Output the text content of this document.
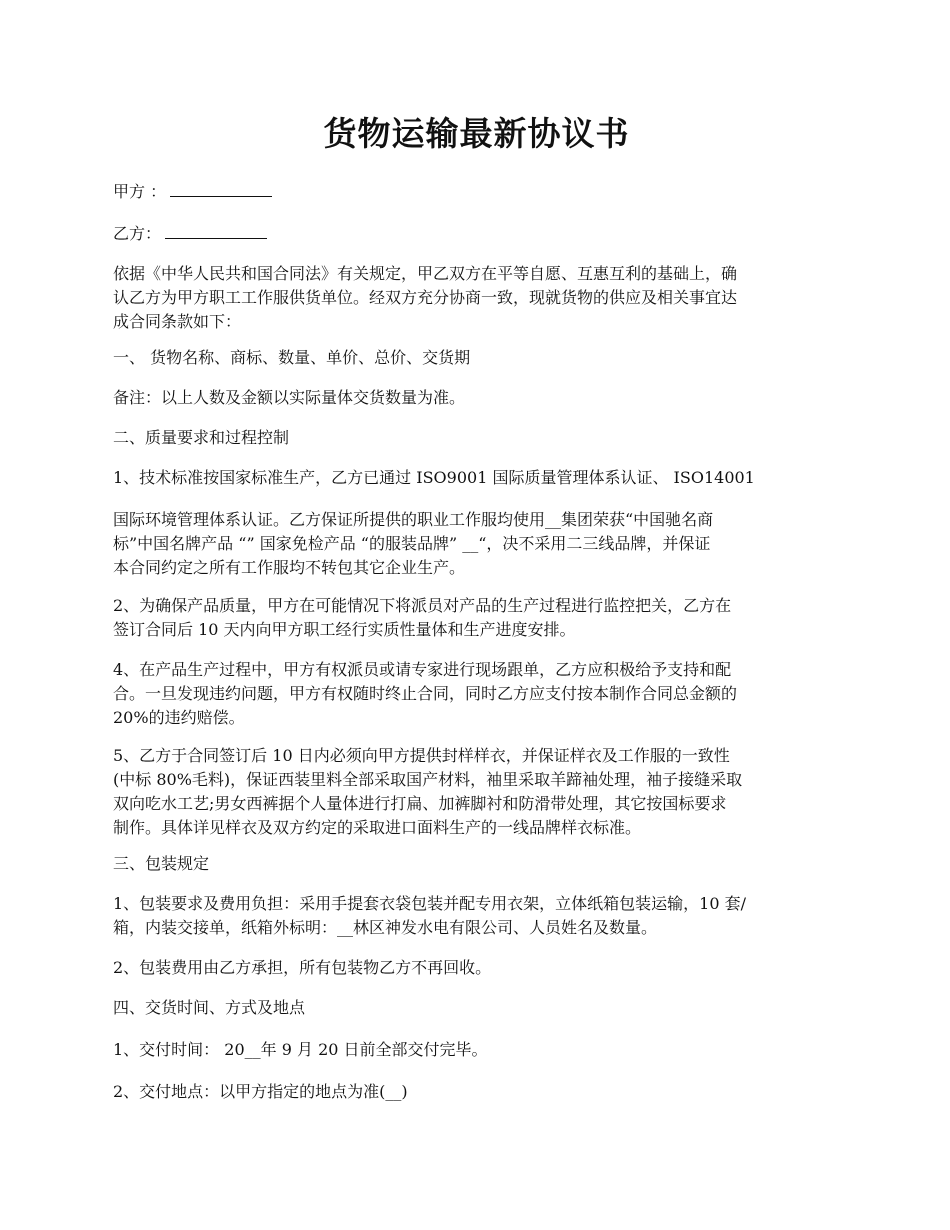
货物运输最新协议书
甲方 ：
乙方：
依据《中华人民共和国合同法》有关规定，甲乙双方在平等自愿、互惠互利的基础上，确
认乙方为甲方职工工作服供货单位。经双方充分协商一致，现就货物的供应及相关事宜达
成合同条款如下：
一、 货物名称、商标、数量、单价、总价、交货期
备注：以上人数及金额以实际量体交货数量为准。
二、质量要求和过程控制
1、技术标准按国家标准生产，乙方已通过 ISO9001 国际质量管理体系认证、 ISO14001
国际环境管理体系认证。乙方保证所提供的职业工作服均使用__集团荣获“中国驰名商
标”中国名牌产品 “” 国家免检产品 “的服装品牌” __“，决不采用二三线品牌，并保证
本合同约定之所有工作服均不转包其它企业生产。
2、为确保产品质量，甲方在可能情况下将派员对产品的生产过程进行监控把关，乙方在
签订合同后 10 天内向甲方职工经行实质性量体和生产进度安排。
4、在产品生产过程中，甲方有权派员或请专家进行现场跟单，乙方应积极给予支持和配
合。一旦发现违约问题，甲方有权随时终止合同，同时乙方应支付按本制作合同总金额的
20%的违约赔偿。
5、乙方于合同签订后 10 日内必须向甲方提供封样样衣，并保证样衣及工作服的一致性
(中标 80%毛料)，保证西装里料全部采取国产材料，袖里采取羊蹄袖处理，袖子接缝采取
双向吃水工艺;男女西裤据个人量体进行打扁、加裤脚衬和防滑带处理，其它按国标要求
制作。具体详见样衣及双方约定的采取进口面料生产的一线品牌样衣标准。
三、包装规定
1、包装要求及费用负担：采用手提套衣袋包装并配专用衣架，立体纸箱包装运输，10 套/
箱，内装交接单，纸箱外标明：__林区神发水电有限公司、人员姓名及数量。
2、包装费用由乙方承担，所有包装物乙方不再回收。
四、交货时间、方式及地点
1、交付时间： 20__年 9 月 20 日前全部交付完毕。
2、交付地点：以甲方指定的地点为准(__)
